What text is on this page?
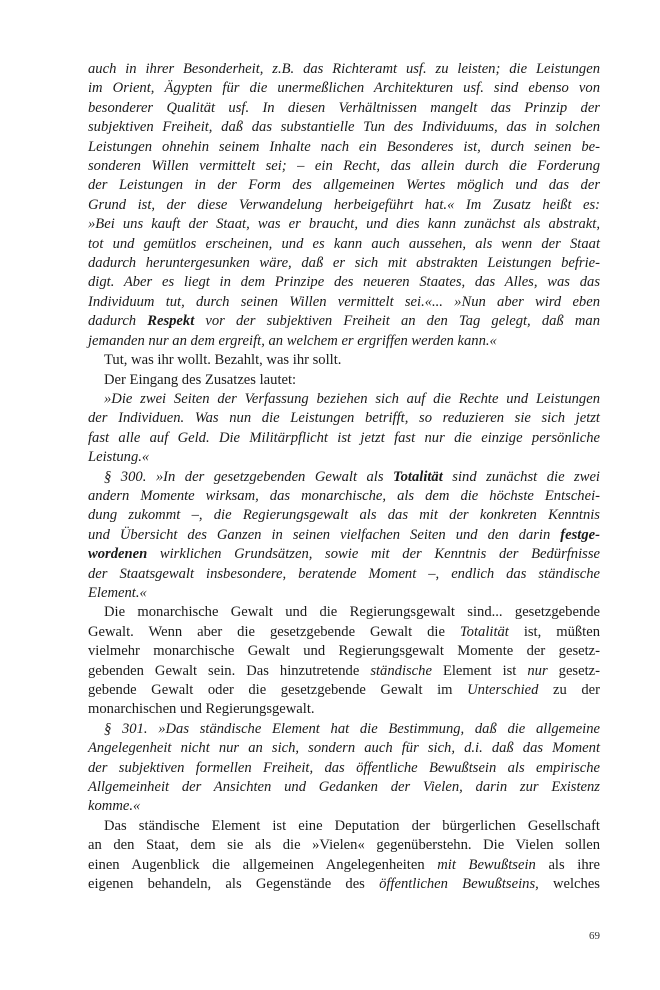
auch in ihrer Besonderheit, z.B. das Richteramt usf. zu leisten; die Leistungen
im Orient, Ägypten für die unermeßlichen Architekturen usf. sind ebenso von
besonderer Qualität usf. In diesen Verhältnissen mangelt das Prinzip der
subjektiven Freiheit, daß das substantielle Tun des Individuums, das in solchen
Leistungen ohnehin seinem Inhalte nach ein Besonderes ist, durch seinen be-
sonderen Willen vermittelt sei; – ein Recht, das allein durch die Forderung
der Leistungen in der Form des allgemeinen Wertes möglich und das der
Grund ist, der diese Verwandelung herbeigeführt hat.« Im Zusatz heißt es:
»Bei uns kauft der Staat, was er braucht, und dies kann zunächst als abstrakt,
tot und gemütlos erscheinen, und es kann auch aussehen, als wenn der Staat
dadurch heruntergesunken wäre, daß er sich mit abstrakten Leistungen befrie-
digt. Aber es liegt in dem Prinzipe des neueren Staates, das Alles, was das
Individuum tut, durch seinen Willen vermittelt sei.«... »Nun aber wird eben
dadurch Respekt vor der subjektiven Freiheit an den Tag gelegt, daß man
jemanden nur an dem ergreift, an welchem er ergriffen werden kann.«
Tut, was ihr wollt. Bezahlt, was ihr sollt.
Der Eingang des Zusatzes lautet:
»Die zwei Seiten der Verfassung beziehen sich auf die Rechte und Leistungen
der Individuen. Was nun die Leistungen betrifft, so reduzieren sie sich jetzt
fast alle auf Geld. Die Militärpflicht ist jetzt fast nur die einzige persönliche
Leistung.«
§ 300. »In der gesetzgebenden Gewalt als Totalität sind zunächst die zwei
andern Momente wirksam, das monarchische, als dem die höchste Entschei-
dung zukommt –, die Regierungsgewalt als das mit der konkreten Kenntnis
und Übersicht des Ganzen in seinen vielfachen Seiten und den darin festge-
wordenen wirklichen Grundsätzen, sowie mit der Kenntnis der Bedürfnisse
der Staatsgewalt insbesondere, beratende Moment –, endlich das ständische
Element.«
Die monarchische Gewalt und die Regierungsgewalt sind... gesetzgebende
Gewalt. Wenn aber die gesetzgebende Gewalt die Totalität ist, müßten
vielmehr monarchische Gewalt und Regierungsgewalt Momente der gesetz-
gebenden Gewalt sein. Das hinzutretende ständische Element ist nur gesetz-
gebende Gewalt oder die gesetzgebende Gewalt im Unterschied zu der
monarchischen und Regierungsgewalt.
§ 301. »Das ständische Element hat die Bestimmung, daß die allgemeine
Angelegenheit nicht nur an sich, sondern auch für sich, d.i. daß das Moment
der subjektiven formellen Freiheit, das öffentliche Bewußtsein als empirische
Allgemeinheit der Ansichten und Gedanken der Vielen, darin zur Existenz
komme.«
Das ständische Element ist eine Deputation der bürgerlichen Gesellschaft
an den Staat, dem sie als die »Vielen« gegenüberstehn. Die Vielen sollen
einen Augenblick die allgemeinen Angelegenheiten mit Bewußtsein als ihre
eigenen behandeln, als Gegenstände des öffentlichen Bewußtseins, welches
69
